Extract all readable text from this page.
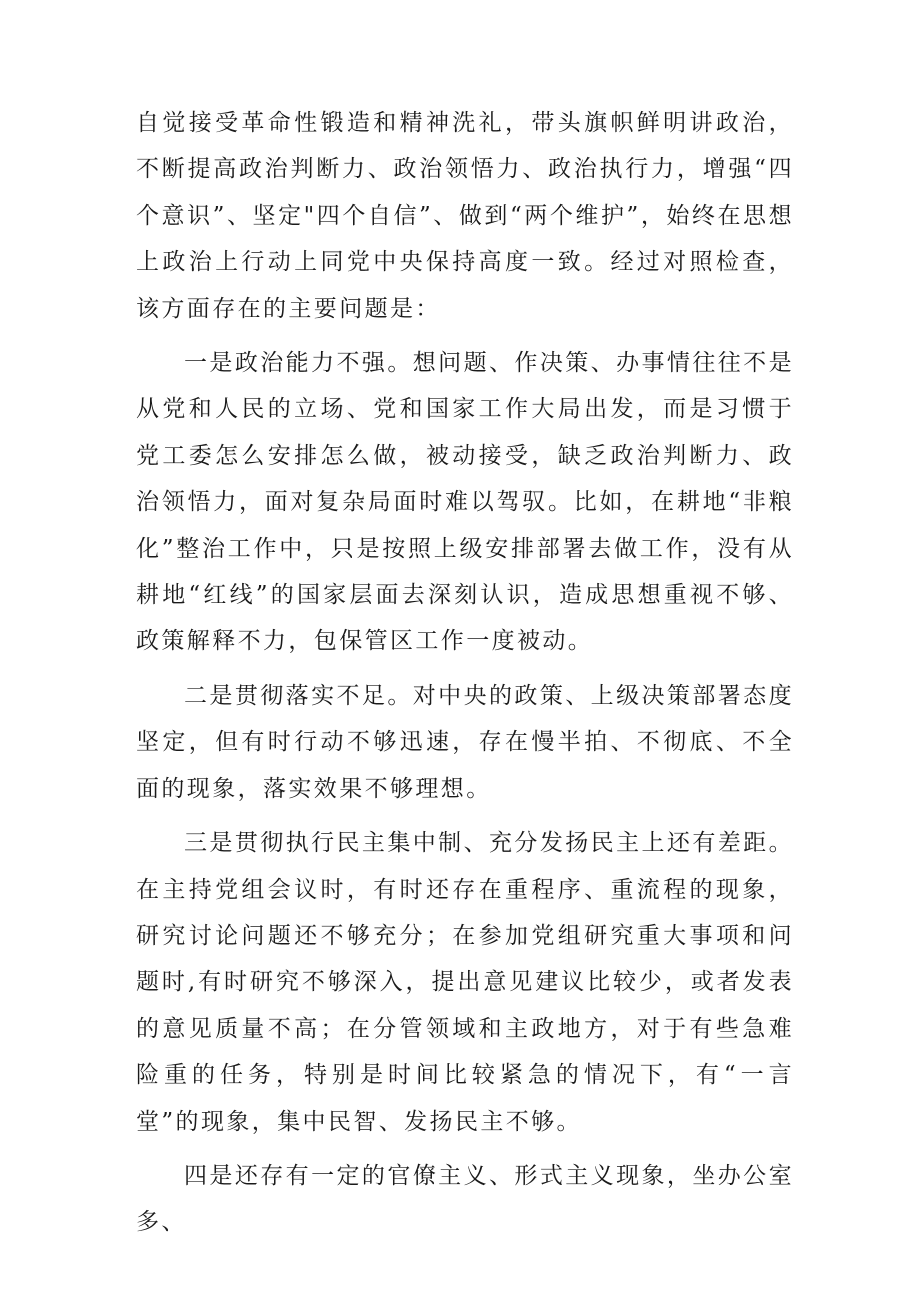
自觉接受革命性锻造和精神洗礼，带头旗帜鲜明讲政治，不断提高政治判断力、政治领悟力、政治执行力，增强“四个意识”、坚定"四个自信”、做到“两个维护”，始终在思想上政治上行动上同党中央保持高度一致。经过对照检查，该方面存在的主要问题是：

一是政治能力不强。想问题、作决策、办事情往往不是从党和人民的立场、党和国家工作大局出发，而是习惯于党工委怎么安排怎么做，被动接受，缺乏政治判断力、政治领悟力，面对复杂局面时难以驾驭。比如，在耕地“非粮化”整治工作中，只是按照上级安排部署去做工作，没有从耕地“红线”的国家层面去深刻认识，造成思想重视不够、政策解释不力，包保管区工作一度被动。

二是贯彻落实不足。对中央的政策、上级决策部署态度坚定，但有时行动不够迅速，存在慢半拍、不彻底、不全面的现象，落实效果不够理想。

三是贯彻执行民主集中制、充分发扬民主上还有差距。在主持党组会议时，有时还存在重程序、重流程的现象，研究讨论问题还不够充分；在参加党组研究重大事项和问题时,有时研究不够深入，提出意见建议比较少，或者发表的意见质量不高；在分管领域和主政地方，对于有些急难险重的任务，特别是时间比较紧急的情况下，有“一言堂”的现象，集中民智、发扬民主不够。

四是还存有一定的官僚主义、形式主义现象，坐办公室多、
